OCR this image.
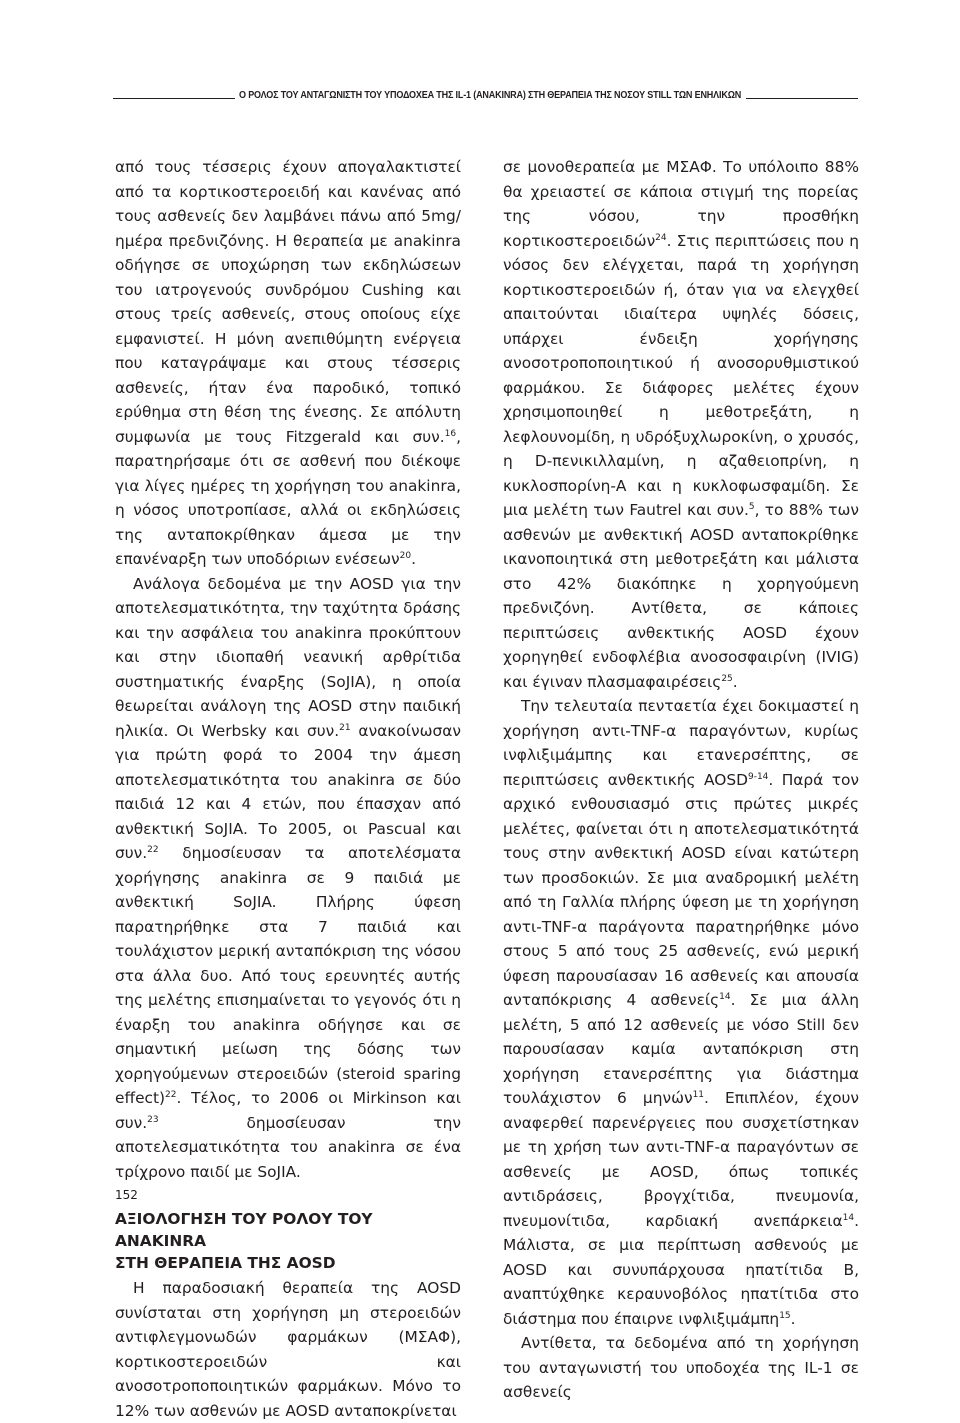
Ο ΡΟΛΟΣ ΤΟΥ ΑΝΤΑΓΩΝΙΣΤΗ ΤΟΥ ΥΠΟΔΟΧΕΑ ΤΗΣ IL-1 (ANAKINRA) ΣΤΗ ΘΕΡΑΠΕΙΑ ΤΗΣ ΝΟΣΟΥ STILL ΤΩΝ ΕΝΗΛΙΚΩΝ

από τους τέσσερις έχουν απογαλακτιστεί από τα κορτικοστεροειδή και κανένας από τους ασθενείς δεν λαμβάνει πάνω από 5mg/ημέρα πρεδνιζόνης. Η θεραπεία με anakinra οδήγησε σε υποχώρηση των εκδηλώσεων του ιατρογενούς συνδρόμου Cushing και στους τρείς ασθενείς, στους οποίους είχε εμφανιστεί. Η μόνη ανεπιθύμητη ενέργεια που καταγράψαμε και στους τέσσερις ασθενείς, ήταν ένα παροδικό, τοπικό ερύθημα στη θέση της ένεσης. Σε απόλυτη συμφωνία με τους Fitzgerald και συν.$^{16}$, παρατηρήσαμε ότι σε ασθενή που διέκοψε για λίγες ημέρες τη χορήγηση του anakinra, η νόσος υποτροπίασε, αλλά οι εκδηλώσεις της ανταποκρίθηκαν άμεσα με την επανέναρξη των υποδόριων ενέσεων$^{20}$.

Ανάλογα δεδομένα με την AOSD για την αποτελεσματικότητα, την ταχύτητα δράσης και την ασφάλεια του anakinra προκύπτουν και στην ιδιοπαθή νεανική αρθρίτιδα συστηματικής έναρξης (SoJIA), η οποία θεωρείται ανάλογη της AOSD στην παιδική ηλικία. Οι Werbsky και συν.$^{21}$ ανακοίνωσαν για πρώτη φορά το 2004 την άμεση αποτελεσματικότητα του anakinra σε δύο παιδιά 12 και 4 ετών, που έπασχαν από ανθεκτική SoJIA. Το 2005, οι Pascual και συν.$^{22}$ δημοσίευσαν τα αποτελέσματα χορήγησης anakinra σε 9 παιδιά με ανθεκτική SoJIA. Πλήρης ύφεση παρατηρήθηκε στα 7 παιδιά και τουλάχιστον μερική ανταπόκριση της νόσου στα άλλα δυο. Από τους ερευνητές αυτής της μελέτης επισημαίνεται το γεγονός ότι η έναρξη του anakinra οδήγησε και σε σημαντική μείωση της δόσης των χορηγούμενων στεροειδών (steroid sparing effect)$^{22}$. Τέλος, το 2006 οι Mirkinson και συν.$^{23}$ δημοσίευσαν την αποτελεσματικότητα του anakinra σε ένα τρίχρονο παιδί με SoJIA.

ΑΞΙΟΛΟΓΗΣΗ ΤΟΥ ΡΟΛΟΥ ΤΟΥ ANAKINRA
ΣΤΗ ΘΕΡΑΠΕΙΑ ΤΗΣ AOSD

Η παραδοσιακή θεραπεία της AOSD συνίσταται στη χορήγηση μη στεροειδών αντιφλεγμονωδών φαρμάκων (ΜΣΑΦ), κορτικοστεροειδών και ανοσοτροποποιητικών φαρμάκων. Μόνο το 12% των ασθενών με AOSD ανταποκρίνεται

σε μονοθεραπεία με ΜΣΑΦ. Το υπόλοιπο 88% θα χρειαστεί σε κάποια στιγμή της πορείας της νόσου, την προσθήκη κορτικοστεροειδών$^{24}$. Στις περιπτώσεις που η νόσος δεν ελέγχεται, παρά τη χορήγηση κορτικοστεροειδών ή, όταν για να ελεγχθεί απαιτούνται ιδιαίτερα υψηλές δόσεις, υπάρχει ένδειξη χορήγησης ανοσοτροποποιητικού ή ανοσορυθμιστικού φαρμάκου. Σε διάφορες μελέτες έχουν χρησιμοποιηθεί η μεθοτρεξάτη, η λεφλουνομίδη, η υδρόξυχλωροκίνη, ο χρυσός, η D-πενικιλλαμίνη, η αζαθειοπρίνη, η κυκλοσπορίνη-Α και η κυκλοφωσφαμίδη. Σε μια μελέτη των Fautrel και συν.$^5$, το 88% των ασθενών με ανθεκτική AOSD ανταποκρίθηκε ικανοποιητικά στη μεθοτρεξάτη και μάλιστα στο 42% διακόπηκε η χορηγούμενη πρεδνιζόνη. Αντίθετα, σε κάποιες περιπτώσεις ανθεκτικής AOSD έχουν χορηγηθεί ενδοφλέβια ανοσοσφαιρίνη (IVIG) και έγιναν πλασμαφαιρέσεις$^{25}$.

Την τελευταία πενταετία έχει δοκιμαστεί η χορήγηση αντι-TNF-α παραγόντων, κυρίως ινφλιξιμάμπης και ετανερσέπτης, σε περιπτώσεις ανθεκτικής AOSD$^{9-14}$. Παρά τον αρχικό ενθουσιασμό στις πρώτες μικρές μελέτες, φαίνεται ότι η αποτελεσματικότητά τους στην ανθεκτική AOSD είναι κατώτερη των προσδοκιών. Σε μια αναδρομική μελέτη από τη Γαλλία πλήρης ύφεση με τη χορήγηση αντι-TNF-α παράγοντα παρατηρήθηκε μόνο στους 5 από τους 25 ασθενείς, ενώ μερική ύφεση παρουσίασαν 16 ασθενείς και απουσία ανταπόκρισης 4 ασθενείς$^{14}$. Σε μια άλλη μελέτη, 5 από 12 ασθενείς με νόσο Still δεν παρουσίασαν καμία ανταπόκριση στη χορήγηση ετανερσέπτης για διάστημα τουλάχιστον 6 μηνών$^{11}$. Επιπλέον, έχουν αναφερθεί παρενέργειες που συσχετίστηκαν με τη χρήση των αντι-TNF-α παραγόντων σε ασθενείς με AOSD, όπως τοπικές αντιδράσεις, βρογχίτιδα, πνευμονία, πνευμονίτιδα, καρδιακή ανεπάρκεια$^{14}$. Μάλιστα, σε μια περίπτωση ασθενούς με AOSD και συνυπάρχουσα ηπατίτιδα Β, αναπτύχθηκε κεραυνοβόλος ηπατίτιδα στο διάστημα που έπαιρνε ινφλιξιμάμπη$^{15}$.

Αντίθετα, τα δεδομένα από τη χορήγηση του ανταγωνιστή του υποδοχέα της IL-1 σε ασθενείς

152
